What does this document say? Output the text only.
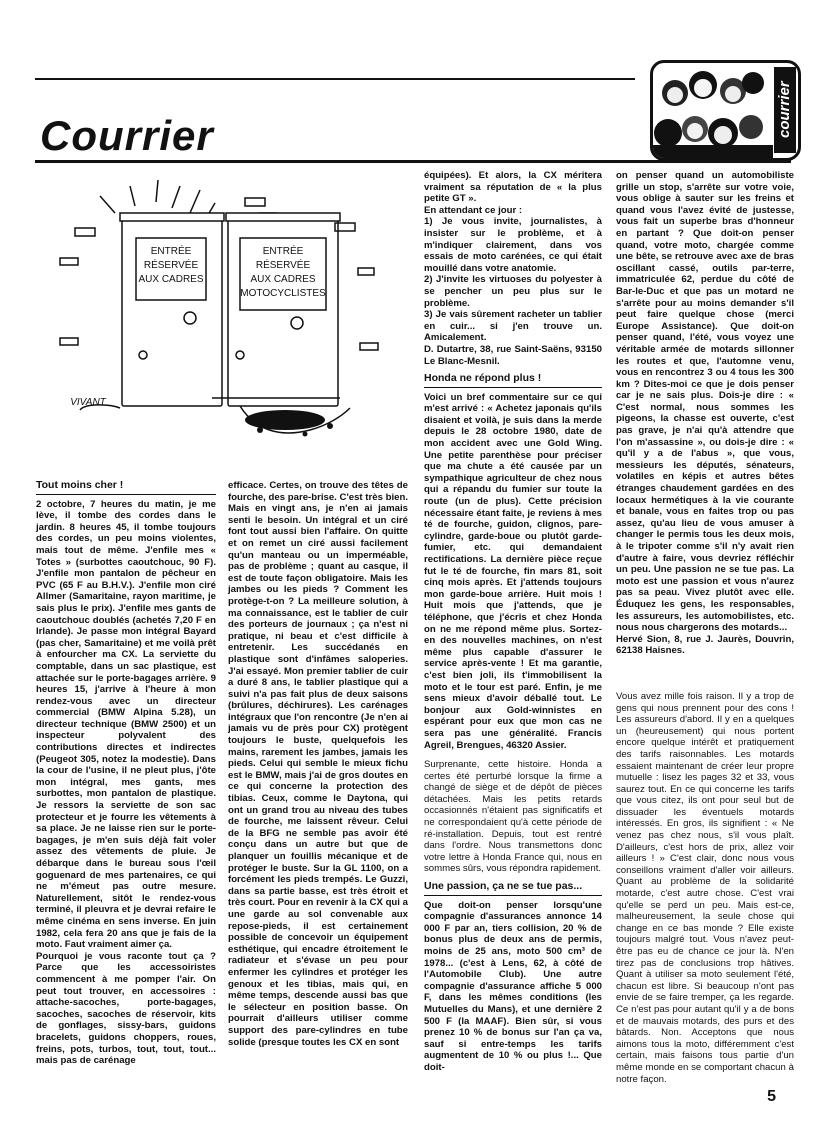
Courrier	courrier
ENTRÉE
RÉSERVÉE
AUX CADRES
ENTRÉE
RÉSERVÉE
AUX CADRES
MOTOCYCLISTES
VIVANT
Tout moins cher !

2 octobre, 7 heures du matin, je me lève, il tombe des cordes dans le jardin. 8 heures 45, il tombe toujours des cordes, un peu moins violentes, mais tout de même. J'enfile mes « Totes » (surbottes caoutchouc, 90 F). J'enfile mon pantalon de pêcheur en PVC (65 F au B.H.V.). J'enfile mon ciré Allmer (Samaritaine, rayon maritime, je sais plus le prix). J'enfile mes gants de caoutchouc doublés (achetés 7,20 F en Irlande). Je passe mon intégral Bayard (pas cher, Samaritaine) et me voilà prêt à enfourcher ma CX. La serviette du comptable, dans un sac plastique, est attachée sur le porte-bagages arrière. 9 heures 15, j'arrive à l'heure à mon rendez-vous avec un directeur commercial (BMW Alpina 5.28), un directeur technique (BMW 2500) et un inspecteur polyvalent des contributions directes et indirectes (Peugeot 305, notez la modestie). Dans la cour de l'usine, il ne pleut plus, j'ôte mon intégral, mes gants, mes surbottes, mon pantalon de plastique. Je ressors la serviette de son sac protecteur et je fourre les vêtements à sa place. Je ne laisse rien sur le porte-bagages, je m'en suis déjà fait voler assez des vêtements de pluie. Je débarque dans le bureau sous l'œil goguenard de mes partenaires, ce qui ne m'émeut pas outre mesure. Naturellement, sitôt le rendez-vous terminé, il pleuvra et je devrai refaire le même cinéma en sens inverse. En juin 1982, cela fera 20 ans que je fais de la moto. Faut vraiment aimer ça.

Pourquoi je vous raconte tout ça ? Parce que les accessoiristes commencent à me pomper l'air. On peut tout trouver, en accessoires : attache-sacoches, porte-bagages, sacoches, sacoches de réservoir, kits de gonflages, sissy-bars, guidons bracelets, guidons choppers, roues, freins, pots, turbos, tout, tout, tout... mais pas de carénage

efficace. Certes, on trouve des têtes de fourche, des pare-brise. C'est très bien. Mais en vingt ans, je n'en ai jamais senti le besoin. Un intégral et un ciré font tout aussi bien l'affaire. On quitte et on remet un ciré aussi facilement qu'un manteau ou un imperméable, pas de problème ; quant au casque, il est de toute façon obligatoire. Mais les jambes ou les pieds ? Comment les protège-t-on ? La meilleure solution, à ma connaissance, est le tablier de cuir des porteurs de journaux ; ça n'est ni pratique, ni beau et c'est difficile à entretenir. Les succédanés en plastique sont d'infâmes saloperies. J'ai essayé. Mon premier tablier de cuir a duré 8 ans, le tablier plastique qui a suivi n'a pas fait plus de deux saisons (brûlures, déchirures). Les carénages intégraux que l'on rencontre (Je n'en ai jamais vu de près pour CX) protègent toujours le buste, quelquefois les mains, rarement les jambes, jamais les pieds. Celui qui semble le mieux fichu est le BMW, mais j'ai de gros doutes en ce qui concerne la protection des tibias. Ceux, comme le Daytona, qui ont un grand trou au niveau des tubes de fourche, me laissent rêveur. Celui de la BFG ne semble pas avoir été conçu dans un autre but que de planquer un fouillis mécanique et de protéger le buste. Sur la GL 1100, on a forcément les pieds trempés. Le Guzzi, dans sa partie basse, est très étroit et très court. Pour en revenir à la CX qui a une garde au sol convenable aux repose-pieds, il est certainement possible de concevoir un équipement esthétique, qui encadre étroitement le radiateur et s'évase un peu pour enfermer les cylindres et protéger les genoux et les tibias, mais qui, en même temps, descende aussi bas que le sélecteur en position basse. On pourrait d'ailleurs utiliser comme support des pare-cylindres en tube solide (presque toutes les CX en sont

équipées). Et alors, la CX méritera vraiment sa réputation de « la plus petite GT ».

En attendant ce jour :

1) Je vous invite, journalistes, à insister sur le problème, et à m'indiquer clairement, dans vos essais de moto carénées, ce qui était mouillé dans votre anatomie.

2) J'invite les virtuoses du polyester à se pencher un peu plus sur le problème.

3) Je vais sûrement racheter un tablier en cuir... si j'en trouve un. Amicalement.

D. Dutartre, 38, rue Saint-Saëns, 93150 Le Blanc-Mesnil.

Honda ne répond plus !

Voici un bref commentaire sur ce qui m'est arrivé : « Achetez japonais qu'ils disaient et voilà, je suis dans la merde depuis le 28 octobre 1980, date de mon accident avec une Gold Wing. Une petite parenthèse pour préciser que ma chute a été causée par un sympathique agriculteur de chez nous qui a répandu du fumier sur toute la route (un de plus). Cette précision nécessaire étant faite, je reviens à mes té de fourche, guidon, clignos, pare-cylindre, garde-boue ou plutôt garde-fumier, etc. qui demandaient rectifications. La dernière pièce reçue fut le té de fourche, fin mars 81, soit cinq mois après. Et j'attends toujours mon garde-boue arrière. Huit mois ! Huit mois que j'attends, que je téléphone, que j'écris et chez Honda on ne me répond même plus. Sortez-en des nouvelles machines, on n'est même plus capable d'assurer le service après-vente ! Et ma garantie, c'est bien joli, ils t'immobilisent la moto et le tour est paré. Enfin, je me sens mieux d'avoir déballé tout. Le bonjour aux Gold-winnistes en espérant pour eux que mon cas ne sera pas une généralité. Francis Agreil, Brengues, 46320 Assier.

Surprenante, cette histoire. Honda a certes été perturbé lorsque la firme a changé de siège et de dépôt de pièces détachées. Mais les petits retards occasionnés n'étaient pas significatifs et ne correspondaient qu'à cette période de ré-installation. Depuis, tout est rentré dans l'ordre. Nous transmettons donc votre lettre à Honda France qui, nous en sommes sûrs, vous répondra rapidement.

Une passion, ça ne se tue pas...

Que doit-on penser lorsqu'une compagnie d'assurances annonce 14 000 F par an, tiers collision, 20 % de bonus plus de deux ans de permis, moins de 25 ans, moto 500 cm³ de 1978... (c'est à Lens, 62, à côté de l'Automobile Club). Une autre compagnie d'assurance affiche 5 000 F, dans les mêmes conditions (les Mutuelles du Mans), et une dernière 2 500 F (la MAAF). Bien sûr, si vous prenez 10 % de bonus sur l'an ça va, sauf si entre-temps les tarifs augmentent de 10 % ou plus !... Que doit-

on penser quand un automobiliste grille un stop, s'arrête sur votre voie, vous oblige à sauter sur les freins et quand vous l'avez évité de justesse, vous fait un superbe bras d'honneur en partant ? Que doit-on penser quand, votre moto, chargée comme une bête, se retrouve avec axe de bras oscillant cassé, outils par-terre, immatriculée 62, perdue du côté de Bar-le-Duc et que pas un motard ne s'arrête pour au moins demander s'il peut faire quelque chose (merci Europe Assistance). Que doit-on penser quand, l'été, vous voyez une véritable armée de motards sillonner les routes et que, l'automne venu, vous en rencontrez 3 ou 4 tous les 300 km ? Dites-moi ce que je dois penser car je ne sais plus. Dois-je dire : « C'est normal, nous sommes les pigeons, la chasse est ouverte, c'est pas grave, je n'ai qu'à attendre que l'on m'assassine », ou dois-je dire : « qu'il y a de l'abus », que vous, messieurs les députés, sénateurs, volatiles en képis et autres bêtes étranges chaudement gardées en des locaux hermétiques à la vie courante et banale, vous en faites trop ou pas assez, qu'au lieu de vous amuser à changer le permis tous les deux mois, à le tripoter comme s'il n'y avait rien d'autre à faire, vous devriez réfléchir un peu. Une passion ne se tue pas. La moto est une passion et vous n'aurez pas sa peau. Vivez plutôt avec elle. Éduquez les gens, les responsables, les assureurs, les automobilistes, etc. nous nous chargerons des motards...

Hervé Sion, 8, rue J. Jaurès, Douvrin, 62138 Haisnes.

Vous avez mille fois raison. Il y a trop de gens qui nous prennent pour des cons ! Les assureurs d'abord. Il y en a quelques un (heureusement) qui nous portent encore quelque intérêt et pratiquement des tarifs raisonnables. Les motards essaient maintenant de créer leur propre mutuelle : lisez les pages 32 et 33, vous saurez tout. En ce qui concerne les tarifs que vous citez, ils ont pour seul but de dissuader les éventuels motards intéressés. En gros, ils signifient : « Ne venez pas chez nous, s'il vous plaît. D'ailleurs, c'est hors de prix, allez voir ailleurs ! » C'est clair, donc nous vous conseillons vraiment d'aller voir ailleurs. Quant au problème de la solidarité motarde, c'est autre chose. C'est vrai qu'elle se perd un peu. Mais est-ce, malheureusement, la seule chose qui change en ce bas monde ? Elle existe toujours malgré tout. Vous n'avez peut-être pas eu de chance ce jour là. N'en tirez pas de conclusions trop hâtives. Quant à utiliser sa moto seulement l'été, chacun est libre. Si beaucoup n'ont pas envie de se faire tremper, ça les regarde. Ce n'est pas pour autant qu'il y a de bons et de mauvais motards, des purs et des bâtards. Non. Acceptons que nous aimons tous la moto, différemment c'est certain, mais faisons tous partie d'un même monde en se comportant chacun à notre façon.

5
